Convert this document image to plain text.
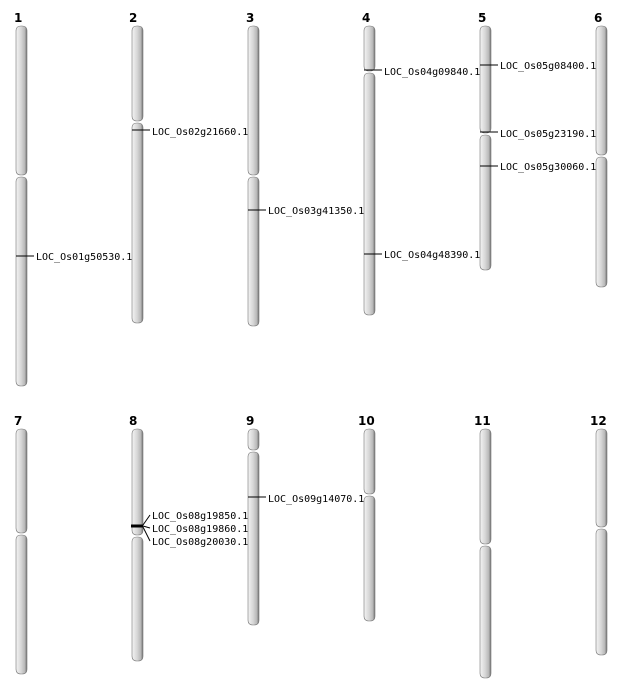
1
LOC_Os01g50530.1
2
LOC_Os02g21660.1
3
LOC_Os03g41350.1
4
LOC_Os04g09840.1
LOC_Os04g48390.1
5
LOC_Os05g08400.1
LOC_Os05g23190.1
LOC_Os05g30060.1
6
7	8
LOC_Os08g19850.1
LOC_Os08g19860.1
LOC_Os08g20030.1
9
LOC_Os09g14070.1
10	11	12
